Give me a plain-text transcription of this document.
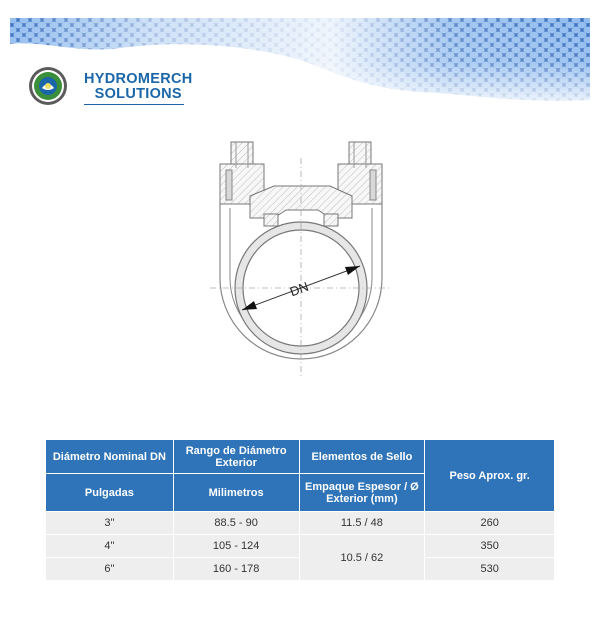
HYDROMERCH
SOLUTIONS
DN
Diámetro Nominal DN	Rango de Diámetro Exterior	Elementos de Sello	Peso Aprox. gr.
Pulgadas	Milimetros	Empaque Espesor / Ø Exterior (mm)	
3"	88.5 - 90	11.5 / 48	260
4"	105 - 124	10.5 / 62	350
6"	160 - 178		530
